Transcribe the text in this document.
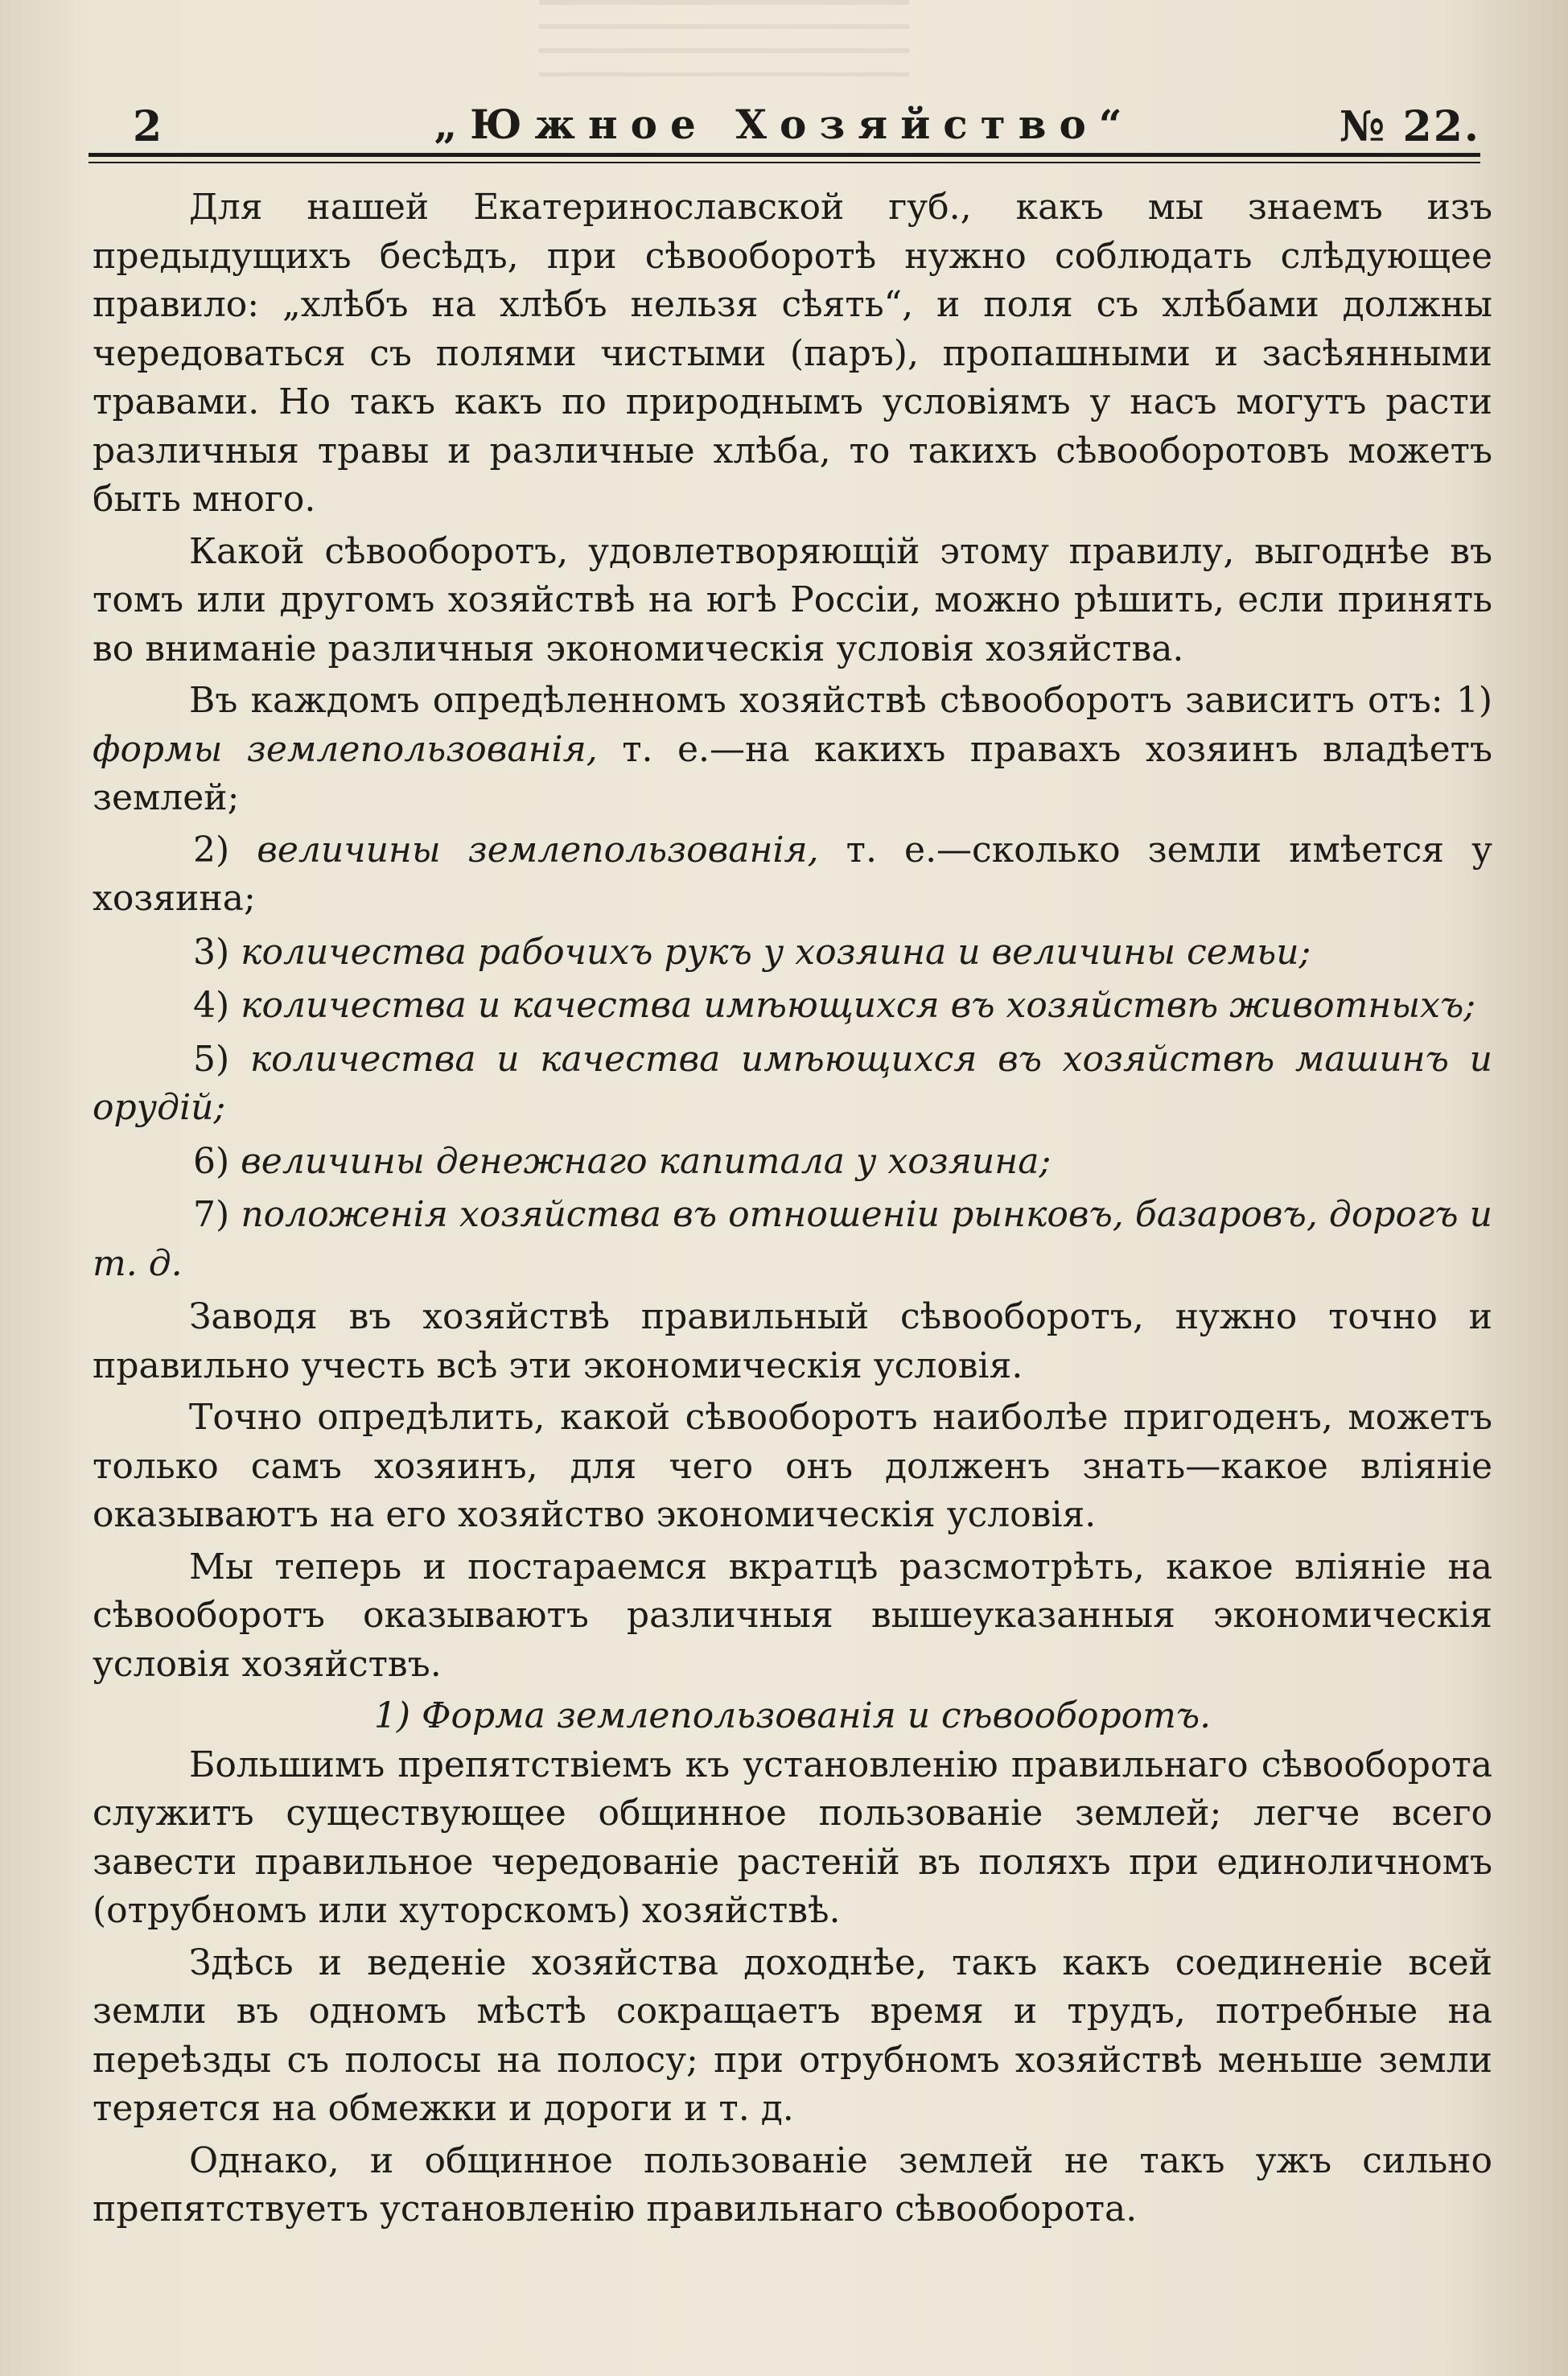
2	„Южное Хозяйство“	№ 22.

Для нашей Екатеринославской губ., какъ мы знаемъ изъ предыдущихъ бесѣдъ, при сѣвооборотѣ нужно соблюдать слѣдующее правило: „хлѣбъ на хлѣбъ нельзя сѣять“, и поля съ хлѣбами должны чередоваться съ полями чистыми (паръ), пропашными и засѣянными травами. Но такъ какъ по природнымъ условіямъ у насъ могутъ расти различныя травы и различные хлѣба, то такихъ сѣвооборотовъ можетъ быть много.

Какой сѣвооборотъ, удовлетворяющій этому правилу, выгоднѣе въ томъ или другомъ хозяйствѣ на югѣ Россіи, можно рѣшить, если принять во вниманіе различныя экономическія условія хозяйства.

Въ каждомъ опредѣленномъ хозяйствѣ сѣвооборотъ зависитъ отъ: 1) формы землепользованія, т. е.—на какихъ правахъ хозяинъ владѣетъ землей;

2) величины землепользованія, т. е.—сколько земли имѣется у хозяина;

3) количества рабочихъ рукъ у хозяина и величины семьи;

4) количества и качества имѣющихся въ хозяйствѣ животныхъ;

5) количества и качества имѣющихся въ хозяйствѣ машинъ и орудій;

6) величины денежнаго капитала у хозяина;

7) положенія хозяйства въ отношеніи рынковъ, базаровъ, дорогъ и т. д.

Заводя въ хозяйствѣ правильный сѣвооборотъ, нужно точно и правильно учесть всѣ эти экономическія условія.

Точно опредѣлить, какой сѣвооборотъ наиболѣе пригоденъ, можетъ только самъ хозяинъ, для чего онъ долженъ знать—какое вліяніе оказываютъ на его хозяйство экономическія условія.

Мы теперь и постараемся вкратцѣ разсмотрѣть, какое вліяніе на сѣвооборотъ оказываютъ различныя вышеуказанныя экономическія условія хозяйствъ.

1) Форма землепользованія и сѣвооборотъ.

Большимъ препятствіемъ къ установленію правильнаго сѣвооборота служитъ существующее общинное пользованіе землей; легче всего завести правильное чередованіе растеній въ поляхъ при единоличномъ (отрубномъ или хуторскомъ) хозяйствѣ.

Здѣсь и веденіе хозяйства доходнѣе, такъ какъ соединеніе всей земли въ одномъ мѣстѣ сокращаетъ время и трудъ, потребные на переѣзды съ полосы на полосу; при отрубномъ хозяйствѣ меньше земли теряется на обмежки и дороги и т. д.

Однако, и общинное пользованіе землей не такъ ужъ сильно препятствуетъ установленію правильнаго сѣвооборота.
